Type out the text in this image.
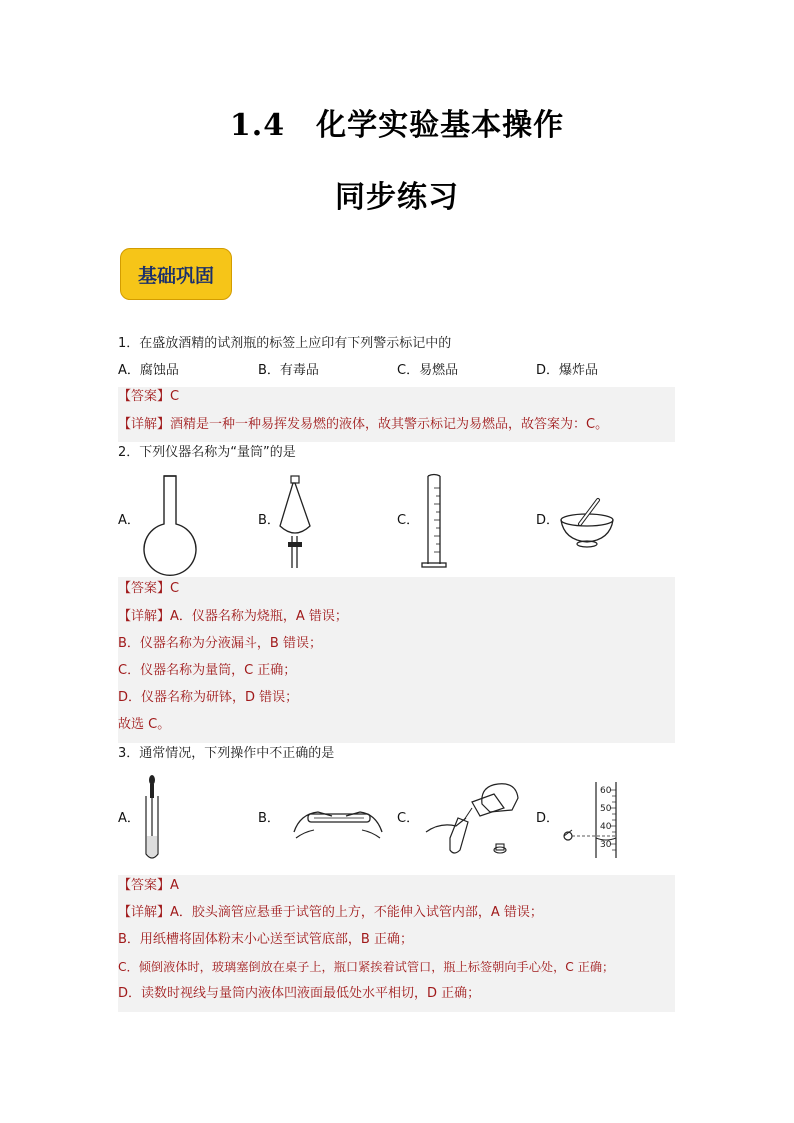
1.4　化学实验基本操作
同步练习
基础巩固
1．在盛放酒精的试剂瓶的标签上应印有下列警示标记中的
A．腐蚀品	B．有毒品	C．易燃品	D．爆炸品
【答案】C
【详解】酒精是一种一种易挥发易燃的液体，故其警示标记为易燃品，故答案为：C。
2．下列仪器名称为“量筒”的是
A．	B．	C．	D．
【答案】C
【详解】A．仪器名称为烧瓶，A 错误；
B．仪器名称为分液漏斗，B 错误；
C．仪器名称为量筒，C 正确；
D．仪器名称为研钵，D 错误；
故选 C。
3．通常情况，下列操作中不正确的是
A．	B．	C．	D．
60
50
40
30
【答案】A
【详解】A．胶头滴管应悬垂于试管的上方，不能伸入试管内部，A 错误；
B．用纸槽将固体粉末小心送至试管底部，B 正确；
C．倾倒液体时，玻璃塞倒放在桌子上，瓶口紧挨着试管口，瓶上标签朝向手心处，C 正确；
D．读数时视线与量筒内液体凹液面最低处水平相切，D 正确；
